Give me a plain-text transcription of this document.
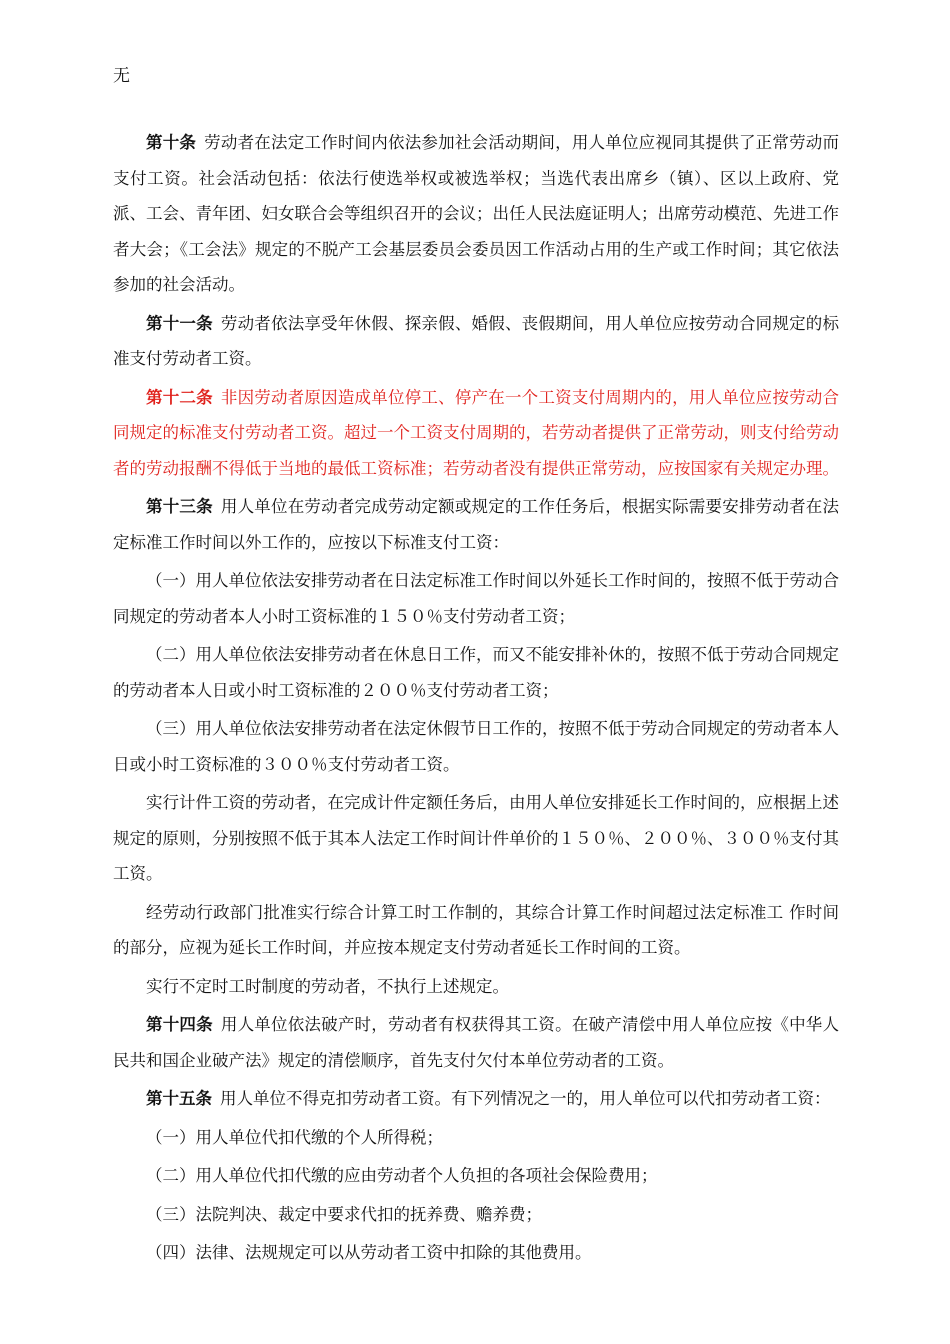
无

第十条 劳动者在法定工作时间内依法参加社会活动期间，用人单位应视同其提供了正常劳动而支付工资。社会活动包括：依法行使选举权或被选举权；当选代表出席乡（镇）、区以上政府、党派、工会、青年团、妇女联合会等组织召开的会议；出任人民法庭证明人；出席劳动模范、先进工作者大会；《工会法》规定的不脱产工会基层委员会委员因工作活动占用的生产或工作时间；其它依法参加的社会活动。

第十一条 劳动者依法享受年休假、探亲假、婚假、丧假期间，用人单位应按劳动合同规定的标准支付劳动者工资。

第十二条 非因劳动者原因造成单位停工、停产在一个工资支付周期内的，用人单位应按劳动合同规定的标准支付劳动者工资。超过一个工资支付周期的，若劳动者提供了正常劳动，则支付给劳动者的劳动报酬不得低于当地的最低工资标准；若劳动者没有提供正常劳动，应按国家有关规定办理。

第十三条 用人单位在劳动者完成劳动定额或规定的工作任务后，根据实际需要安排劳动者在法定标准工作时间以外工作的，应按以下标准支付工资：

（一）用人单位依法安排劳动者在日法定标准工作时间以外延长工作时间的，按照不低于劳动合同规定的劳动者本人小时工资标准的１５０％支付劳动者工资；

（二）用人单位依法安排劳动者在休息日工作，而又不能安排补休的，按照不低于劳动合同规定的劳动者本人日或小时工资标准的２００％支付劳动者工资；

（三）用人单位依法安排劳动者在法定休假节日工作的，按照不低于劳动合同规定的劳动者本人日或小时工资标准的３００％支付劳动者工资。

实行计件工资的劳动者，在完成计件定额任务后，由用人单位安排延长工作时间的，应根据上述规定的原则，分别按照不低于其本人法定工作时间计件单价的１５０％、２００％、３００％支付其工资。

经劳动行政部门批准实行综合计算工时工作制的，其综合计算工作时间超过法定标准工 作时间的部分，应视为延长工作时间，并应按本规定支付劳动者延长工作时间的工资。

实行不定时工时制度的劳动者，不执行上述规定。

第十四条 用人单位依法破产时，劳动者有权获得其工资。在破产清偿中用人单位应按《中华人民共和国企业破产法》规定的清偿顺序，首先支付欠付本单位劳动者的工资。

第十五条 用人单位不得克扣劳动者工资。有下列情况之一的，用人单位可以代扣劳动者工资：

（一）用人单位代扣代缴的个人所得税；

（二）用人单位代扣代缴的应由劳动者个人负担的各项社会保险费用；

（三）法院判决、裁定中要求代扣的抚养费、赡养费；

（四）法律、法规规定可以从劳动者工资中扣除的其他费用。
